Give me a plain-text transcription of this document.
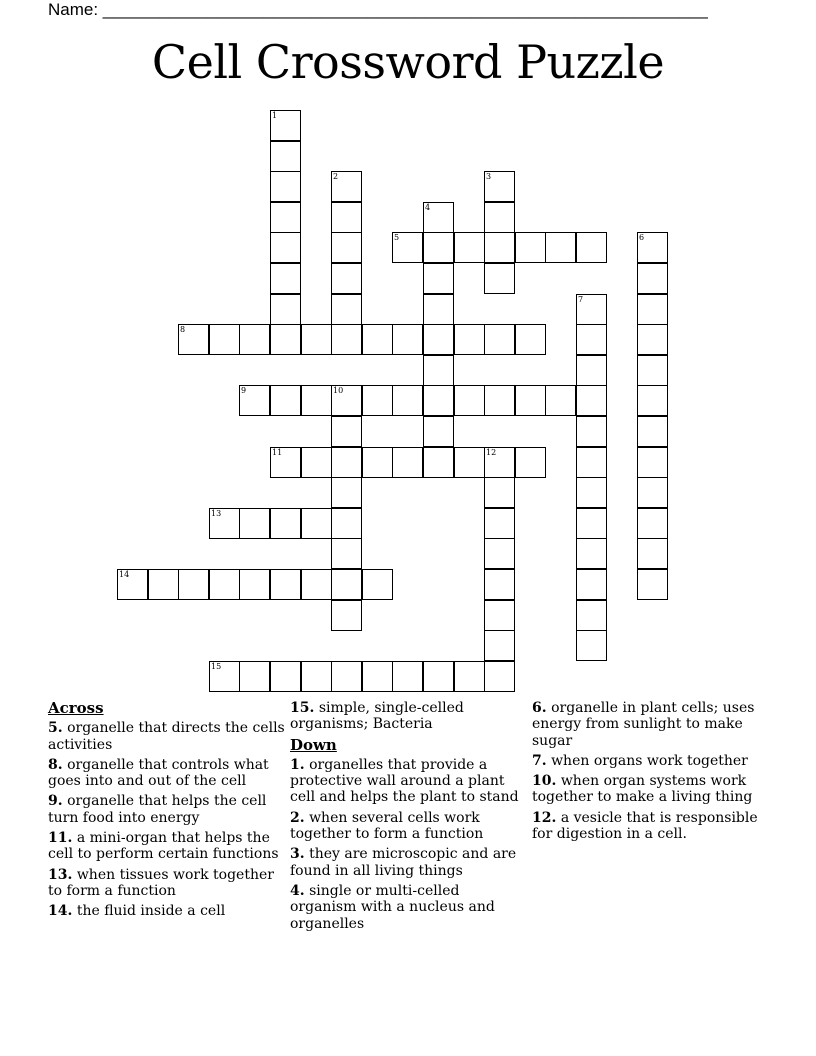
Name: ________________________________________________________________
Cell Crossword Puzzle
1
2	3
4
5	6
7
8
9	10
11	12
13
14
15
Across
5. organelle that directs the cells activities
8. organelle that controls what goes into and out of the cell
9. organelle that helps the cell turn food into energy
11. a mini-organ that helps the cell to perform certain functions
13. when tissues work together to form a function
14. the fluid inside a cell
15. simple, single-celled organisms; Bacteria
Down
1. organelles that provide a protective wall around a plant cell and helps the plant to stand
2. when several cells work together to form a function
3. they are microscopic and are found in all living things
4. single or multi-celled organism with a nucleus and organelles
6. organelle in plant cells; uses energy from sunlight to make sugar
7. when organs work together
10. when organ systems work together to make a living thing
12. a vesicle that is responsible for digestion in a cell.
